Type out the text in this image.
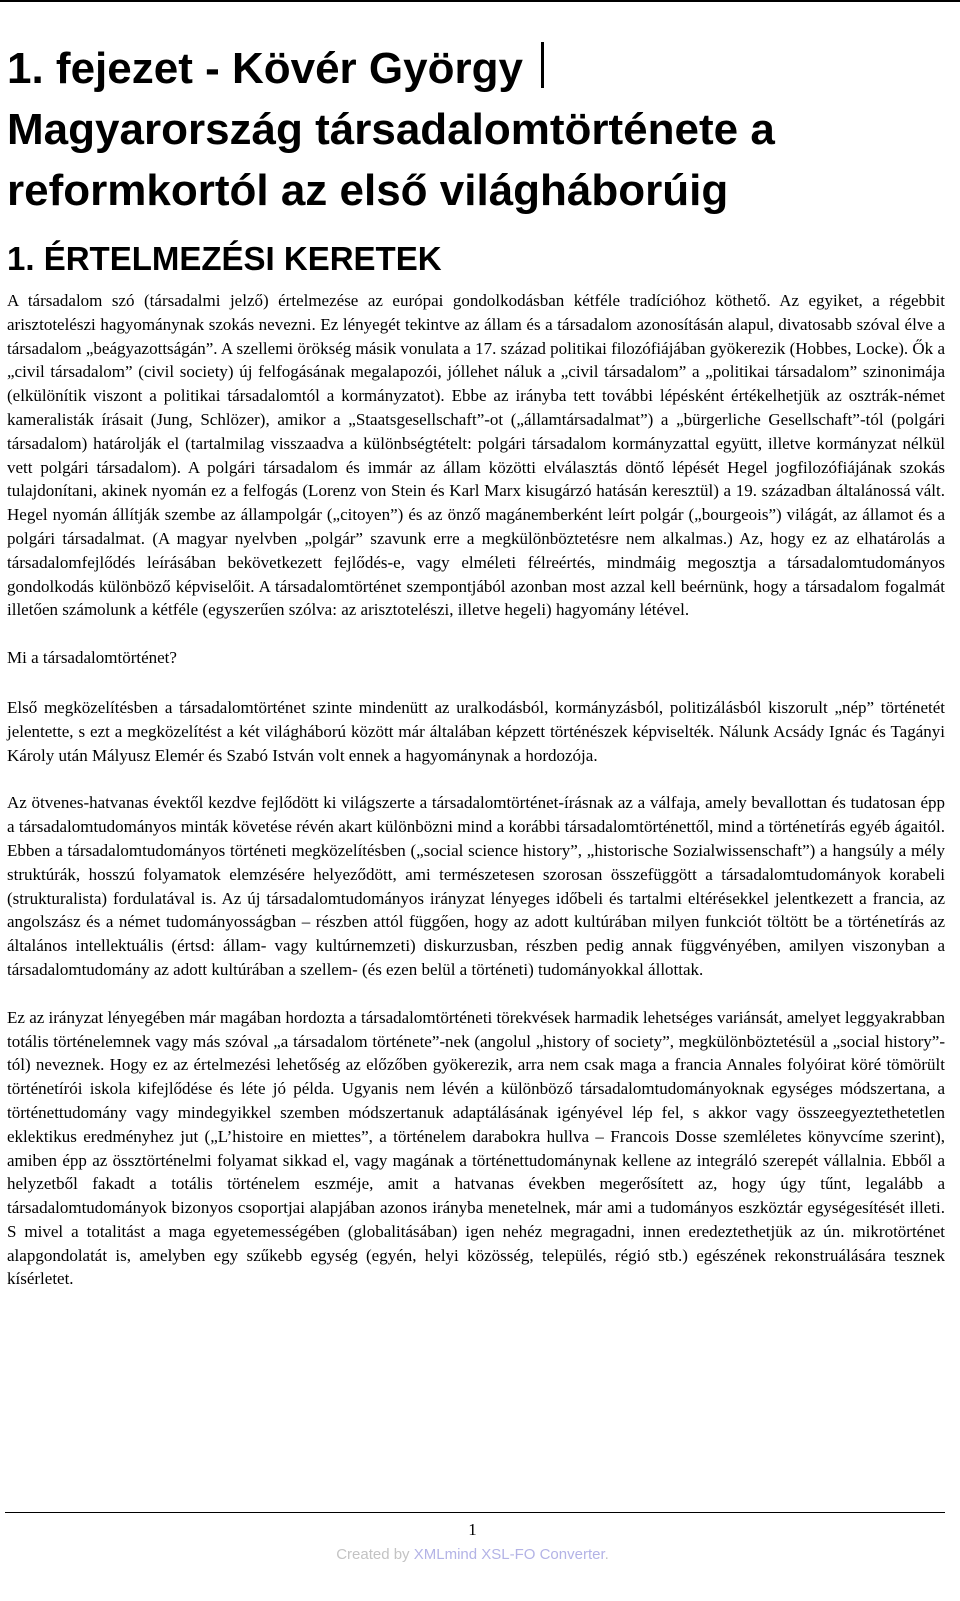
1. fejezet - Kövér György
Magyarország társadalomtörténete a
reformkortól az első világháborúig
1. ÉRTELMEZÉSI KERETEK

A társadalom szó (társadalmi jelző) értelmezése az európai gondolkodásban kétféle tradícióhoz köthető. Az egyiket, a régebbit arisztotelészi hagyománynak szokás nevezni. Ez lényegét tekintve az állam és a társadalom azonosításán alapul, divatosabb szóval élve a társadalom „beágyazottságán”. A szellemi örökség másik vonulata a 17. század politikai filozófiájában gyökerezik (Hobbes, Locke). Ők a „civil társadalom” (civil society) új felfogásának megalapozói, jóllehet náluk a „civil társadalom” a „politikai társadalom” szinonimája (elkülönítik viszont a politikai társadalomtól a kormányzatot). Ebbe az irányba tett további lépésként értékelhetjük az osztrák-német kameralisták írásait (Jung, Schlözer), amikor a „Staatsgesellschaft”-ot („államtársadalmat”) a „bürgerliche Gesellschaft”-tól (polgári társadalom) határolják el (tartalmilag visszaadva a különbségtételt: polgári társadalom kormányzattal együtt, illetve kormányzat nélkül vett polgári társadalom). A polgári társadalom és immár az állam közötti elválasztás döntő lépését Hegel jogfilozófiájának szokás tulajdonítani, akinek nyomán ez a felfogás (Lorenz von Stein és Karl Marx kisugárzó hatásán keresztül) a 19. században általánossá vált. Hegel nyomán állítják szembe az állampolgár („citoyen”) és az önző magánemberként leírt polgár („bourgeois”) világát, az államot és a polgári társadalmat. (A magyar nyelvben „polgár” szavunk erre a megkülönböztetésre nem alkalmas.) Az, hogy ez az elhatárolás a társadalomfejlődés leírásában bekövetkezett fejlődés-e, vagy elméleti félreértés, mindmáig megosztja a társadalomtudományos gondolkodás különböző képviselőit. A társadalomtörténet szempontjából azonban most azzal kell beérnünk, hogy a társadalom fogalmát illetően számolunk a kétféle (egyszerűen szólva: az arisztotelészi, illetve hegeli) hagyomány létével.

Mi a társadalomtörténet?

Első megközelítésben a társadalomtörténet szinte mindenütt az uralkodásból, kormányzásból, politizálásból kiszorult „nép” történetét jelentette, s ezt a megközelítést a két világháború között már általában képzett történészek képviselték. Nálunk Acsády Ignác és Tagányi Károly után Mályusz Elemér és Szabó István volt ennek a hagyománynak a hordozója.

Az ötvenes-hatvanas évektől kezdve fejlődött ki világszerte a társadalomtörténet-írásnak az a válfaja, amely bevallottan és tudatosan épp a társadalomtudományos minták követése révén akart különbözni mind a korábbi társadalomtörténettől, mind a történetírás egyéb ágaitól. Ebben a társadalomtudományos történeti megközelítésben („social science history”, „historische Sozialwissenschaft”) a hangsúly a mély struktúrák, hosszú folyamatok elemzésére helyeződött, ami természetesen szorosan összefüggött a társadalomtudományok korabeli (strukturalista) fordulatával is. Az új társadalomtudományos irányzat lényeges időbeli és tartalmi eltérésekkel jelentkezett a francia, az angolszász és a német tudományosságban – részben attól függően, hogy az adott kultúrában milyen funkciót töltött be a történetírás az általános intellektuális (értsd: állam- vagy kultúrnemzeti) diskurzusban, részben pedig annak függvényében, amilyen viszonyban a társadalomtudomány az adott kultúrában a szellem- (és ezen belül a történeti) tudományokkal állottak.

Ez az irányzat lényegében már magában hordozta a társadalomtörténeti törekvések harmadik lehetséges variánsát, amelyet leggyakrabban totális történelemnek vagy más szóval „a társadalom története”-nek (angolul „history of society”, megkülönböztetésül a „social history”-tól) neveznek. Hogy ez az értelmezési lehetőség az előzőben gyökerezik, arra nem csak maga a francia Annales folyóirat köré tömörült történetírói iskola kifejlődése és léte jó példa. Ugyanis nem lévén a különböző társadalomtudományoknak egységes módszertana, a történettudomány vagy mindegyikkel szemben módszertanuk adaptálásának igényével lép fel, s akkor vagy összeegyeztethetetlen eklektikus eredményhez jut („L’histoire en miettes”, a történelem darabokra hullva – Francois Dosse szemléletes könyvcíme szerint), amiben épp az össztörténelmi folyamat sikkad el, vagy magának a történettudománynak kellene az integráló szerepét vállalnia. Ebből a helyzetből fakadt a totális történelem eszméje, amit a hatvanas években megerősített az, hogy úgy tűnt, legalább a társadalomtudományok bizonyos csoportjai alapjában azonos irányba menetelnek, már ami a tudományos eszköztár egységesítését illeti. S mivel a totalitást a maga egyetemességében (globalitásában) igen nehéz megragadni, innen eredeztethetjük az ún. mikrotörténet alapgondolatát is, amelyben egy szűkebb egység (egyén, helyi közösség, település, régió stb.) egészének rekonstruálására tesznek kísérletet.

1
Created by XMLmind XSL-FO Converter.
